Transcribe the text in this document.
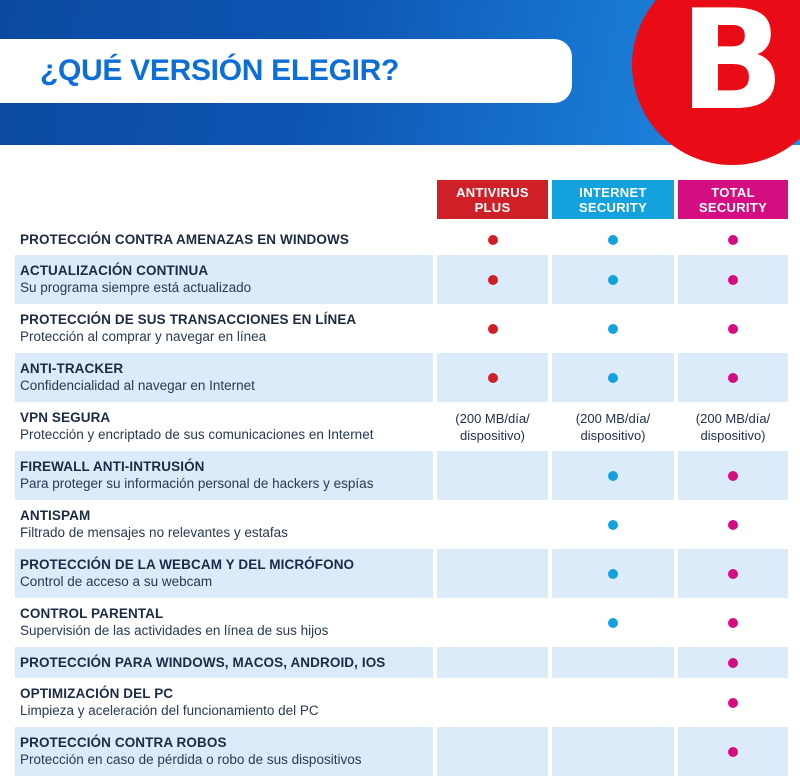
¿QUÉ VERSIÓN ELEGIR? B
ANTIVIRUS
PLUS
INTERNET
SECURITY
TOTAL
SECURITY
PROTECCIÓN CONTRA AMENAZAS EN WINDOWS
ACTUALIZACIÓN CONTINUA
Su programa siempre está actualizado
PROTECCIÓN DE SUS TRANSACCIONES EN LÍNEA
Protección al comprar y navegar en línea
ANTI-TRACKER
Confidencialidad al navegar en Internet
VPN SEGURA
Protección y encriptado de sus comunicaciones en Internet
(200 MB/día/
dispositivo)
(200 MB/día/
dispositivo)
(200 MB/día/
dispositivo)
FIREWALL ANTI-INTRUSIÓN
Para proteger su información personal de hackers y espías
ANTISPAM
Filtrado de mensajes no relevantes y estafas
PROTECCIÓN DE LA WEBCAM Y DEL MICRÓFONO
Control de acceso a su webcam
CONTROL PARENTAL
Supervisión de las actividades en línea de sus hijos
PROTECCIÓN PARA WINDOWS, MACOS, ANDROID, IOS
OPTIMIZACIÓN DEL PC
Limpieza y aceleración del funcionamiento del PC
PROTECCIÓN CONTRA ROBOS
Protección en caso de pérdida o robo de sus dispositivos
